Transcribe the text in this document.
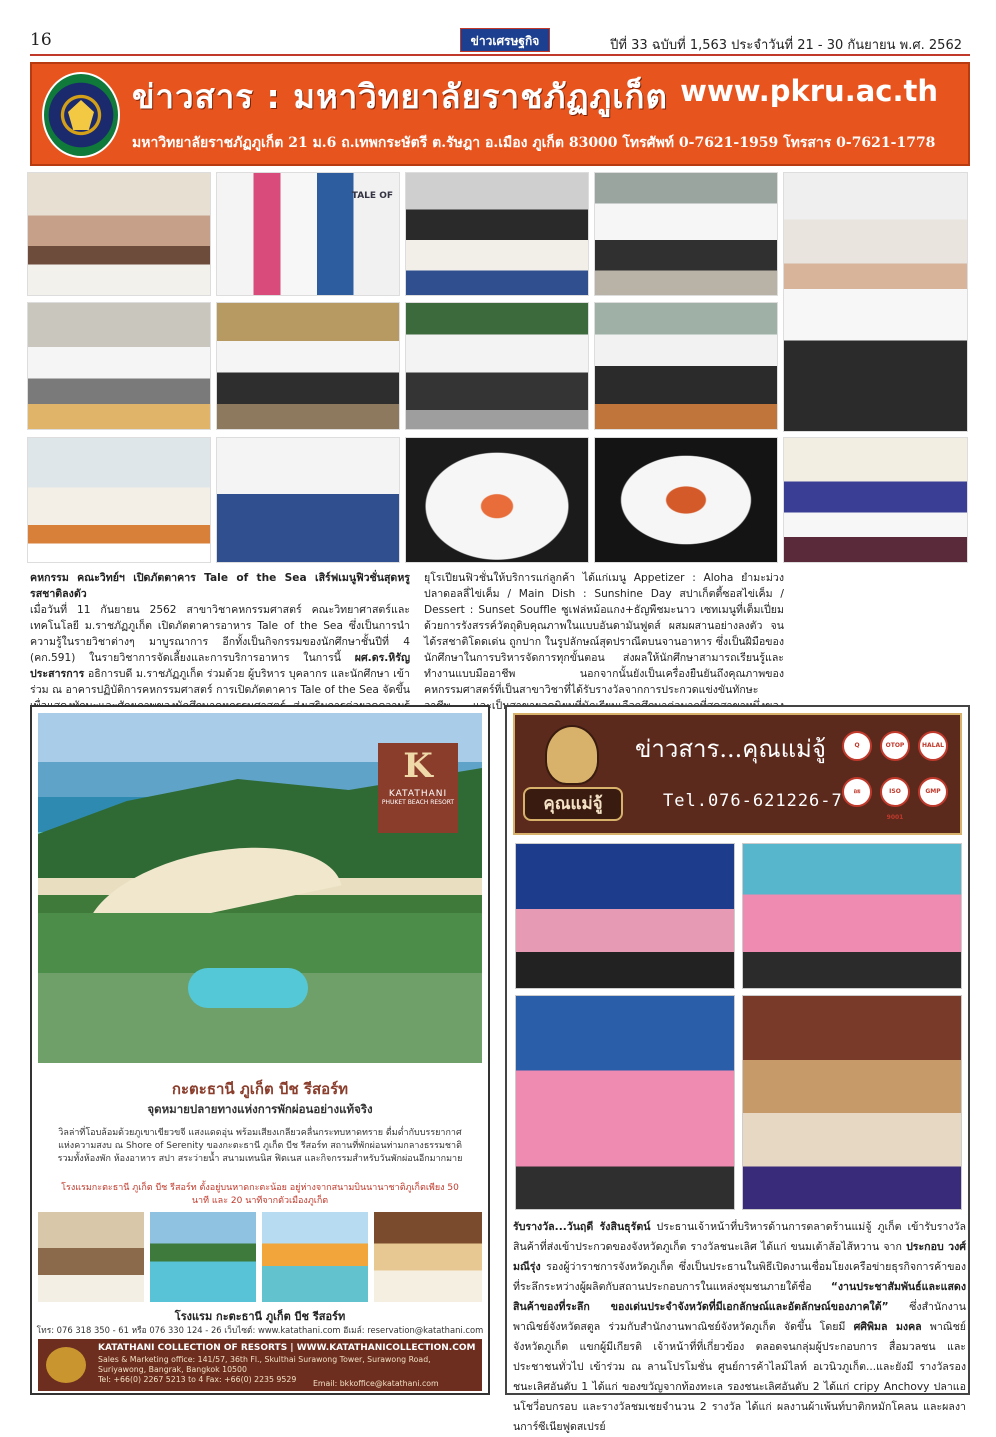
16	ข่าวเศรษฐกิจ	ปีที่ 33 ฉบับที่ 1,563 ประจำวันที่ 21 - 30 กันยายน พ.ศ. 2562
ข่าวสาร : มหาวิทยาลัยราชภัฏภูเก็ต www.pkru.ac.th
มหาวิทยาลัยราชภัฏภูเก็ต 21 ม.6 ถ.เทพกระษัตรี ต.รัษฎา อ.เมือง ภูเก็ต 83000 โทรศัพท์ 0-7621-1959 โทรสาร 0-7621-1778
TALE OF
คหกรรม คณะวิทย์ฯ เปิดภัตตาคาร Tale of the Sea เสิร์ฟเมนูฟิวชั่นสุดหรู รสชาติลงตัว
เมื่อวันที่ 11 กันยายน 2562 สาขาวิชาคหกรรมศาสตร์ คณะวิทยาศาสตร์และเทคโนโลยี ม.ราชภัฏภูเก็ต เปิดภัตตาคารอาหาร Tale of the Sea ซึ่งเป็นการนำความรู้ในรายวิชาต่างๆ มาบูรณาการ อีกทั้งเป็นกิจกรรมของนักศึกษาชั้นปีที่ 4 (คก.591) ในรายวิชาการจัดเลี้ยงและการบริการอาหาร ในการนี้ ผศ.ดร.หิรัญ ประสารการ อธิการบดี ม.ราชภัฏภูเก็ต ร่วมด้วย ผู้บริหาร บุคลากร และนักศึกษา เข้าร่วม ณ อาคารปฏิบัติการคหกรรมศาสตร์ การเปิดภัตตาคาร Tale of the Sea จัดขึ้น
ยุโรเปียนฟิวชั่นให้บริการแก่ลูกค้า ได้แก่เมนู Appetizer : Aloha ยำมะม่วงปลาดอลลี่ไข่เค็ม / Main Dish : Sunshine Day สปาเก็ตตี้ซอสไข่เค็ม / Dessert : Sunset Souffle ซูเฟล่หม้อแกง+ธัญพืชมะนาว เซทเมนูที่เต็มเปี่ยมด้วยการรังสรรค์วัตถุดิบคุณภาพในแบบอันดามันฟูดส์ ผสมผสานอย่างลงตัว จนได้รสชาติโดดเด่น ถูกปาก ในรูปลักษณ์สุดปราณีตบนจานอาหาร ซึ่งเป็นฝีมือของนักศึกษาในการบริหารจัดการทุกขั้นตอน ส่งผลให้นักศึกษาสามารถเรียนรู้และทำงานแบบมืออาชีพ นอกจากนั้นยังเป็นเครื่องยืนยันถึงคุณภาพของคหกรรมศาสตร์ที่เป็นสาขาวิชาที่ได้รับรางวัลจากการประกวดแข่งขันทักษะ
K
KATATHANI
PHUKET BEACH RESORT
กะตะธานี ภูเก็ต บีช รีสอร์ท
จุดหมายปลายทางแห่งการพักผ่อนอย่างแท้จริง
วิลล่าที่โอบล้อมด้วยภูเขาเขียวขจี แสงแดดอุ่น พร้อมเสียงเกลียวคลื่นกระทบหาดทราย ดื่มด่ำกับบรรยากาศแห่งความสงบ ณ Shore of Serenity ของกะตะธานี ภูเก็ต บีช รีสอร์ท สถานที่พักผ่อนท่ามกลางธรรมชาติ รวมทั้งห้องพัก ห้องอาหาร สปา สระว่ายน้ำ สนามเทนนิส ฟิตเนส และกิจกรรมสำหรับวันพักผ่อนอีกมากมาย
โรงแรมกะตะธานี ภูเก็ต บีช รีสอร์ท ตั้งอยู่บนหาดกะตะน้อย อยู่ห่างจากสนามบินนานาชาติภูเก็ตเพียง 50 นาที และ 20 นาทีจากตัวเมืองภูเก็ต
โรงแรม กะตะธานี ภูเก็ต บีช รีสอร์ท
โทร: 076 318 350 - 61 หรือ 076 330 124 - 26 เว็บไซต์: www.katathani.com อีเมล์: reservation@katathani.com
KATATHANI COLLECTION OF RESORTS | WWW.KATATHANICOLLECTION.COM
Sales & Marketing office: 141/57, 36th Fl., Skulthai Surawong Tower, Surawong Road,
Suriyawong, Bangrak, Bangkok 10500
Tel: +66(0) 2267 5213 to 4 Fax: +66(0) 2235 9529	Email: bkkoffice@katathani.com
คุณแม่จู้
ข่าวสาร...คุณแม่จู้
Tel.076-621226-7
Q	OTOP	HALAL
อย	ISO 9001
GMP
รับรางวัล...วันฤดี รังสินธุรัตน์ ประธานเจ้าหน้าที่บริหารด้านการตลาดร้านแม่จู้ ภูเก็ต เข้ารับรางวัลสินค้าที่ส่งเข้าประกวดของจังหวัดภูเก็ต รางวัลชนะเลิศ ได้แก่ ขนมเต้าส้อไส้หวาน จาก ประกอบ วงศ์มณีรุ่ง รองผู้ว่าราชการจังหวัดภูเก็ต ซึ่งเป็นประธานในพิธีเปิดงานเชื่อมโยงเครือข่ายธุรกิจการค้าของที่ระลึกระหว่างผู้ผลิตกับสถานประกอบการในแหล่งชุมชนภายใต้ชื่อ “งานประชาสัมพันธ์และแสดงสินค้าของที่ระลึก ของเด่นประจำจังหวัดที่มีเอกลักษณ์และอัตลักษณ์ของภาคใต้” ซึ่งสำนักงานพาณิชย์จังหวัดสตูล ร่วมกับสำนักงานพาณิชย์จังหวัดภูเก็ต จัดขึ้น โดยมี ศศิพิมล มงคล พาณิชย์จังหวัดภูเก็ต แขกผู้มีเกียรติ เจ้าหน้าที่ที่เกี่ยวข้อง ตลอดจนกลุ่มผู้ประกอบการ สื่อมวลชน และประชาชนทั่วไป เข้าร่วม ณ ลานโปรโมชั่น ศูนย์การค้าไลม์ไลท์ อเวนิวภูเก็ต...และยังมี รางวัลรองชนะเลิศอันดับ 1 ได้แก่ ของขวัญจากท้องทะเล รองชนะเลิศอันดับ 2 ได้แก่ cripy Anchovy ปลาแอนโชวี่อบกรอบ และรางวัลชมเชยจำนวน 2 รางวัล ได้แก่ ผลงานผ้าเพ้นท์บาติกหมักโคลน และผลงานการ์ซีเนียฟูดสเปรย์
